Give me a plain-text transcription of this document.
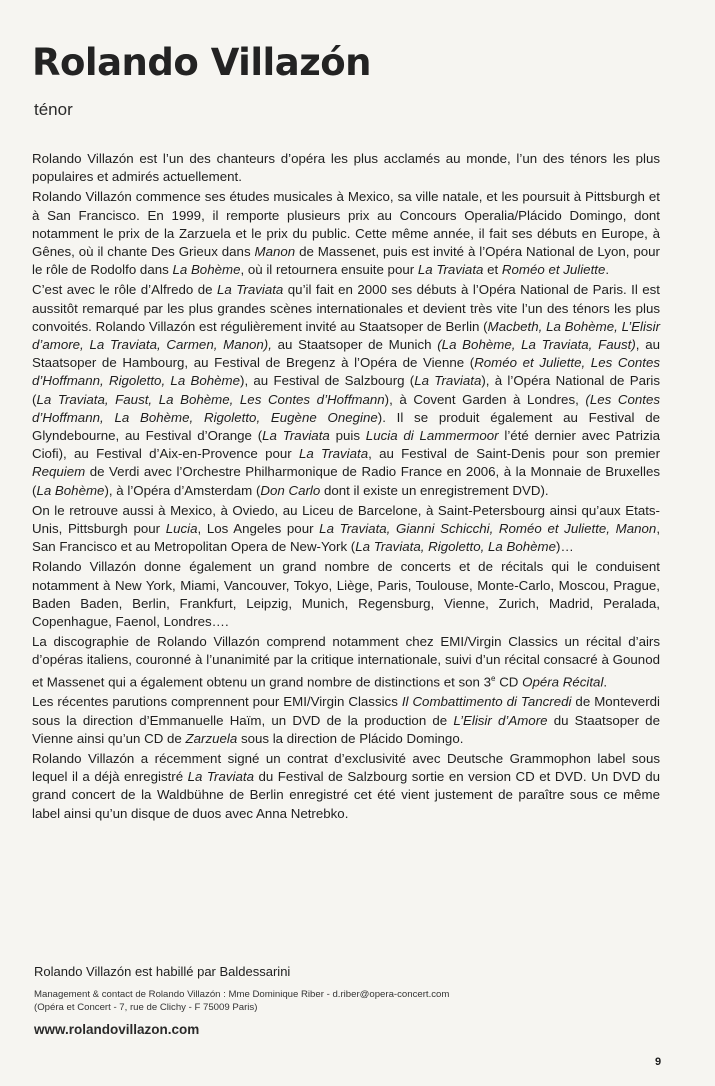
Rolando Villazón
ténor

Rolando Villazón est l’un des chanteurs d’opéra les plus acclamés au monde, l’un des ténors les plus populaires et admirés actuellement.

Rolando Villazón commence ses études musicales à Mexico, sa ville natale, et les poursuit à Pittsburgh et à San Francisco. En 1999, il remporte plusieurs prix au Concours Operalia/Plácido Domingo, dont notamment le prix de la Zarzuela et le prix du public. Cette même année, il fait ses débuts en Europe, à Gênes, où il chante Des Grieux dans Manon de Massenet, puis est invité à l’Opéra National de Lyon, pour le rôle de Rodolfo dans La Bohème, où il retournera ensuite pour La Traviata et Roméo et Juliette.

C’est avec le rôle d’Alfredo de La Traviata qu’il fait en 2000 ses débuts à l’Opéra National de Paris. Il est aussitôt remarqué par les plus grandes scènes internationales et devient très vite l’un des ténors les plus convoités. Rolando Villazón est régulièrement invité au Staatsoper de Berlin (Macbeth, La Bohème, L’Elisir d’amore, La Traviata, Carmen, Manon), au Staatsoper de Munich (La Bohème, La Traviata, Faust), au Staatsoper de Hambourg, au Festival de Bregenz à l’Opéra de Vienne (Roméo et Juliette, Les Contes d’Hoffmann, Rigoletto, La Bohème), au Festival de Salzbourg (La Traviata), à l’Opéra National de Paris (La Traviata, Faust, La Bohème, Les Contes d’Hoffmann), à Covent Garden à Londres, (Les Contes d’Hoffmann, La Bohème, Rigoletto, Eugène Onegine). Il se produit également au Festival de Glyndebourne, au Festival d’Orange (La Traviata puis Lucia di Lammermoor l’été dernier avec Patrizia Ciofi), au Festival d’Aix-en-Provence pour La Traviata, au Festival de Saint-Denis pour son premier Requiem de Verdi avec l’Orchestre Philharmonique de Radio France en 2006, à la Monnaie de Bruxelles (La Bohème), à l’Opéra d’Amsterdam (Don Carlo dont il existe un enregistrement DVD).

On le retrouve aussi à Mexico, à Oviedo, au Liceu de Barcelone, à Saint-Petersbourg ainsi qu’aux Etats-Unis, Pittsburgh pour Lucia, Los Angeles pour La Traviata, Gianni Schicchi, Roméo et Juliette, Manon, San Francisco et au Metropolitan Opera de New-York (La Traviata, Rigoletto, La Bohème)…

Rolando Villazón donne également un grand nombre de concerts et de récitals qui le conduisent notamment à New York, Miami, Vancouver, Tokyo, Liège, Paris, Toulouse, Monte-Carlo, Moscou, Prague, Baden Baden, Berlin, Frankfurt, Leipzig, Munich, Regensburg, Vienne, Zurich, Madrid, Peralada, Copenhague, Faenol, Londres….

La discographie de Rolando Villazón comprend notamment chez EMI/Virgin Classics un récital d’airs d’opéras italiens, couronné à l’unanimité par la critique internationale, suivi d’un récital consacré à Gounod et Massenet qui a également obtenu un grand nombre de distinctions et son 3e CD Opéra Récital.

Les récentes parutions comprennent pour EMI/Virgin Classics Il Combattimento di Tancredi de Monteverdi sous la direction d’Emmanuelle Haïm, un DVD de la production de L’Elisir d’Amore du Staatsoper de Vienne ainsi qu’un CD de Zarzuela sous la direction de Plácido Domingo.

Rolando Villazón a récemment signé un contrat d’exclusivité avec Deutsche Grammophon label sous lequel il a déjà enregistré La Traviata du Festival de Salzbourg sortie en version CD et DVD. Un DVD du grand concert de la Waldbühne de Berlin enregistré cet été vient justement de paraître sous ce même label ainsi qu’un disque de duos avec Anna Netrebko.

Rolando Villazón est habillé par Baldessarini
Management & contact de Rolando Villazón : Mme Dominique Riber - d.riber@opera-concert.com
(Opéra et Concert - 7, rue de Clichy - F 75009 Paris)
www.rolandovillazon.com
9
